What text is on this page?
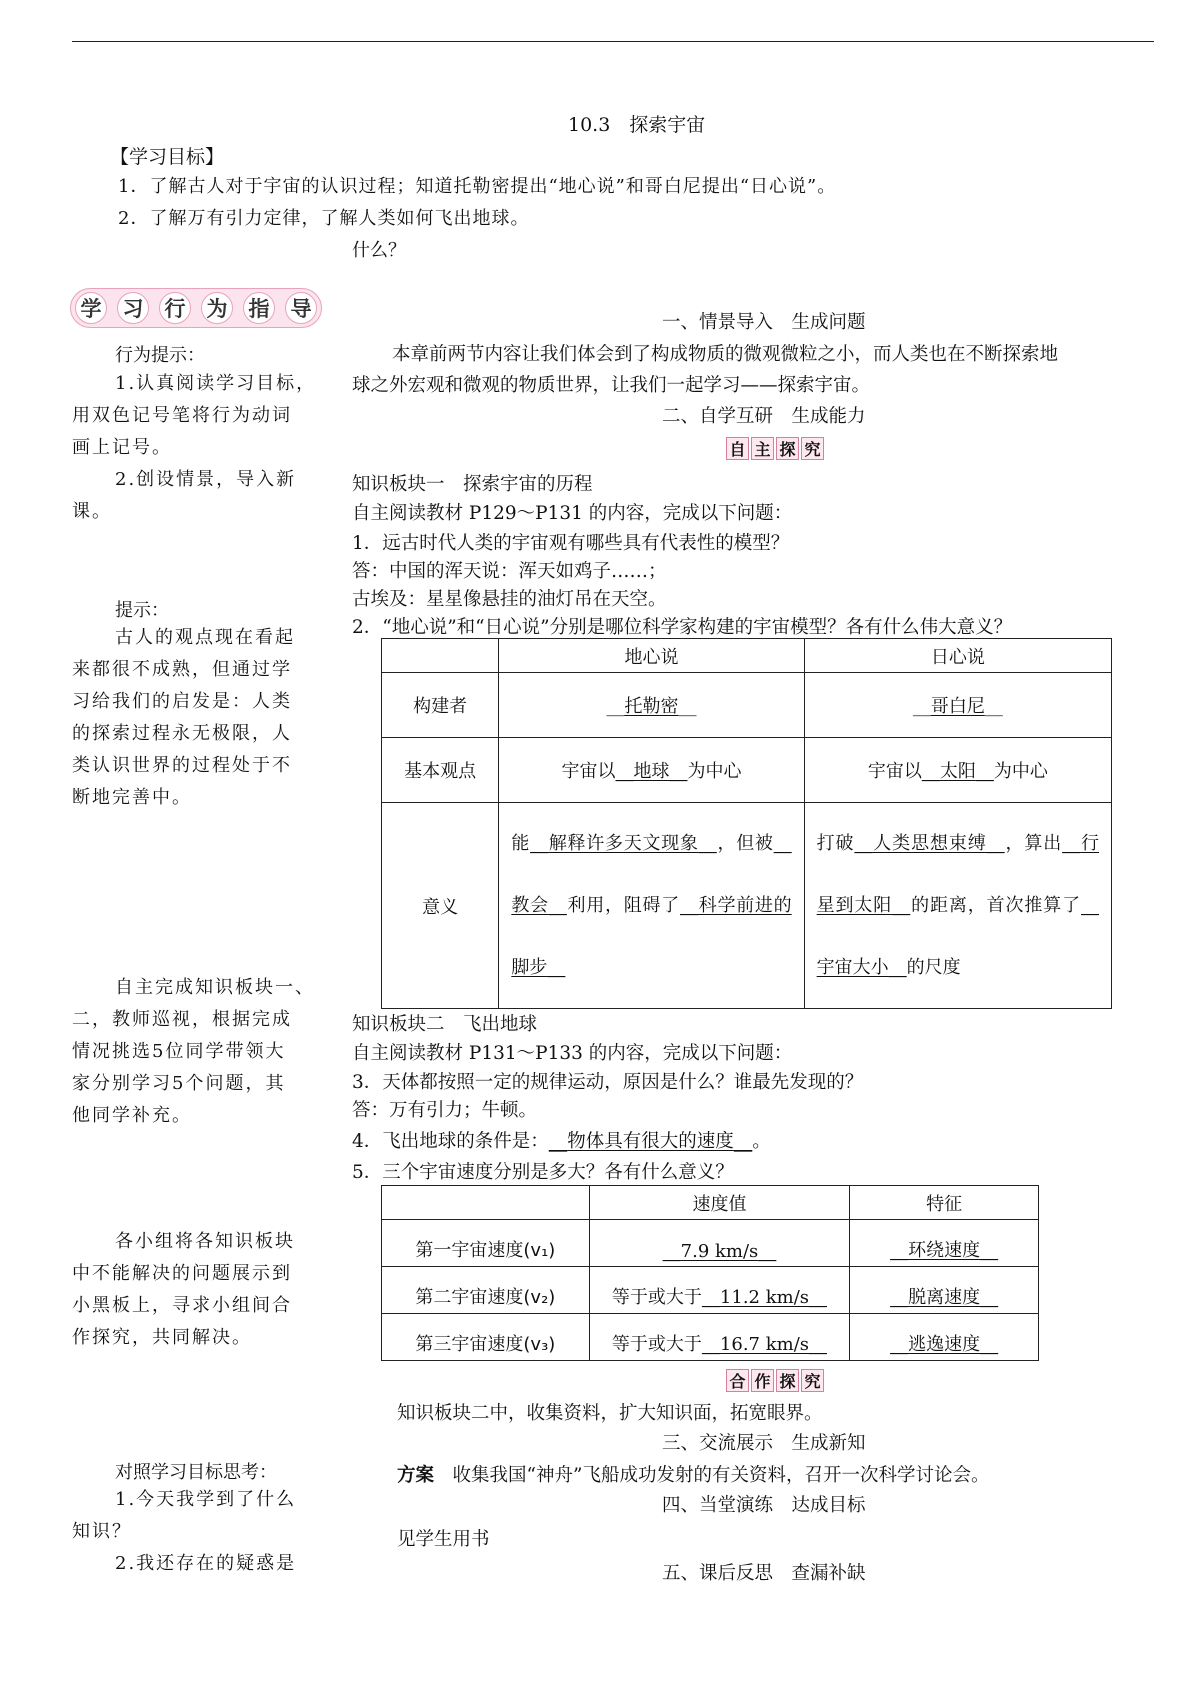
10.3　探索宇宙
【学习目标】
1．了解古人对于宇宙的认识过程；知道托勒密提出“地心说”和哥白尼提出“日心说”。
2．了解万有引力定律，了解人类如何飞出地球。
什么？
学 习 行 为 指 导
行为提示：
1.认真阅读学习目标，
用双色记号笔将行为动词
画上记号。
2.创设情景，导入新
课。
提示：
古人的观点现在看起
来都很不成熟，但通过学
习给我们的启发是：人类
的探索过程永无极限，人
类认识世界的过程处于不
断地完善中。
自主完成知识板块一、
二，教师巡视，根据完成
情况挑选5位同学带领大
家分别学习5个问题，其
他同学补充。
各小组将各知识板块
中不能解决的问题展示到
小黑板上，寻求小组间合
作探究，共同解决。
对照学习目标思考：
1.今天我学到了什么
知识？
2.我还存在的疑惑是
一、情景导入　生成问题
本章前两节内容让我们体会到了构成物质的微观微粒之小，而人类也在不断探索地
球之外宏观和微观的物质世界，让我们一起学习——探索宇宙。
二、自学互研　生成能力
自 主 探 究
知识板块一　探索宇宙的历程
自主阅读教材 P129～P131 的内容，完成以下问题：
1．远古时代人类的宇宙观有哪些具有代表性的模型？
答：中国的浑天说：浑天如鸡子……；
古埃及：星星像悬挂的油灯吊在天空。
2．“地心说”和“日心说”分别是哪位科学家构建的宇宙模型？各有什么伟大意义？
	地心说	日心说
构建者	__托勒密__	__哥白尼__
基本观点	宇宙以__地球__为中心	宇宙以__太阳__为中心
意义	能__解释许多天文现象__，但被__教会__利用，阻碍了__科学前进的脚步__	打破__人类思想束缚__，算出__行星到太阳__的距离，首次推算了__宇宙大小__的尺度
知识板块二　飞出地球
自主阅读教材 P131～P133 的内容，完成以下问题：
3．天体都按照一定的规律运动，原因是什么？谁最先发现的？
答：万有引力；牛顿。
4．飞出地球的条件是：__物体具有很大的速度__。
5．三个宇宙速度分别是多大？各有什么意义？
	速度值	特征
第一宇宙速度(v₁)	__7.9 km/s__	__环绕速度__
第二宇宙速度(v₂)	等于或大于__11.2 km/s__	__脱离速度__
第三宇宙速度(v₃)	等于或大于__16.7 km/s__	__逃逸速度__
合 作 探 究
知识板块二中，收集资料，扩大知识面，拓宽眼界。
三、交流展示　生成新知
方案　 收集我国“神舟”飞船成功发射的有关资料，召开一次科学讨论会。
四、当堂演练　达成目标
见学生用书
五、课后反思　查漏补缺
